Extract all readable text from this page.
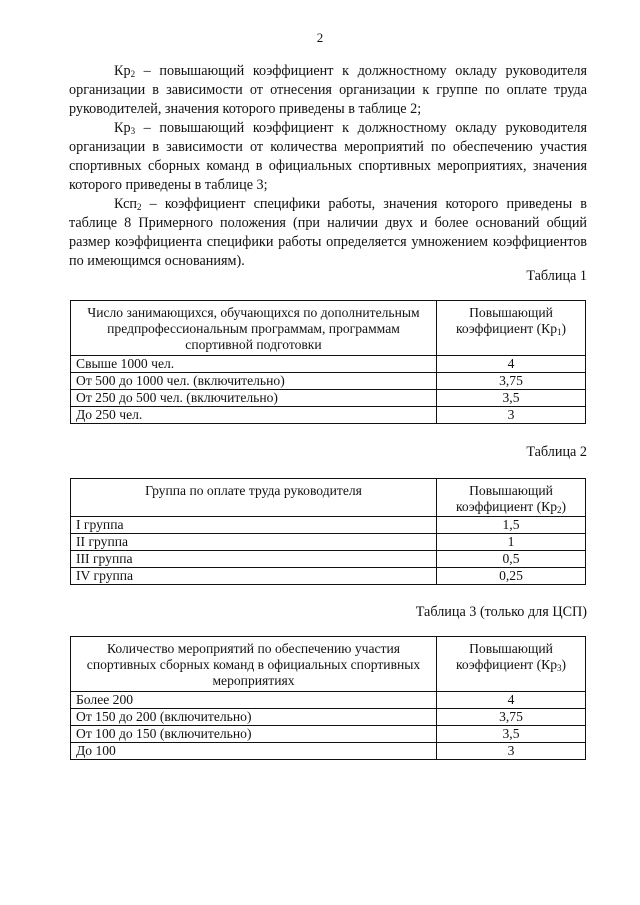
2

$Кр_2$ – повышающий коэффициент к должностному окладу руководителя организации в зависимости от отнесения организации к группе по оплате труда руководителей, значения которого приведены в таблице 2;

$Кр_3$ – повышающий коэффициент к должностному окладу руководителя организации в зависимости от количества мероприятий по обеспечению участия спортивных сборных команд в официальных спортивных мероприятиях, значения которого приведены в таблице 3;

Ксп$_2$ – коэффициент специфики работы, значения которого приведены в таблице 8 Примерного положения (при наличии двух и более оснований общий размер коэффициента специфики работы определяется умножением коэффициентов по имеющимся основаниям).

Таблица 1
Число занимающихся, обучающихся по дополнительным предпрофессиональным программам, программам спортивной подготовки	Повышающий коэффициент $(Кр_1)$
Свыше 1000 чел.	4
От 500 до 1000 чел. (включительно)	3,75
От 250 до 500 чел. (включительно)	3,5
До 250 чел.	3
Таблица 2
Группа по оплате труда руководителя	Повышающий коэффициент $(Кр_2)$
I группа	1,5
II группа	1
III группа	0,5
IV группа	0,25
Таблица 3 (только для ЦСП)
Количество мероприятий по обеспечению участия спортивных сборных команд в официальных спортивных мероприятиях	Повышающий коэффициент $(Кр_3)$
Более 200	4
От 150 до 200 (включительно)	3,75
От 100 до 150 (включительно)	3,5
До 100	3
